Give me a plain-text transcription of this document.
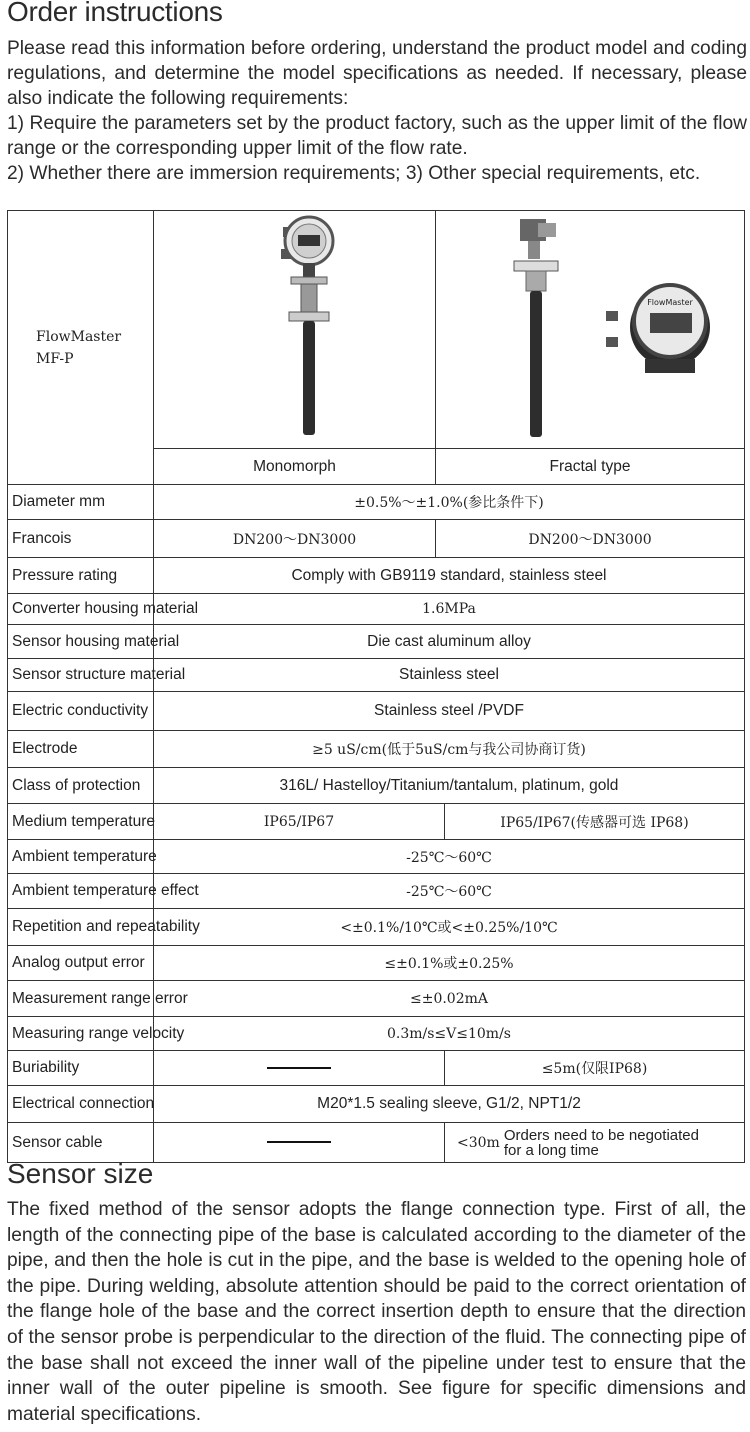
Order instructions

Please read this information before ordering, understand the product model and coding regulations, and determine the model specifications as needed. If necessary, please also indicate the following requirements:

1) Require the parameters set by the product factory, such as the upper limit of the flow range or the corresponding upper limit of the flow rate.

2) Whether there are immersion requirements; 3) Other special requirements, etc.

FlowMaster
MF-P		FlowMaster	

	Monomorph	Fractal type	
Diameter mm	±0.5%～±1.0%(参比条件下)		
Francois	DN200～DN3000	DN200～DN3000	
Pressure rating	Comply with GB9119 standard, stainless steel		
Converter housing material	1.6MPa		
Sensor housing material	Die cast aluminum alloy		
Sensor structure material	Stainless steel		
Electric conductivity	Stainless steel /PVDF		
Electrode	≥5 uS/cm(低于5uS/cm与我公司协商订货)		
Class of protection	316L/ Hastelloy/Titanium/tantalum, platinum, gold		
Medium temperature	IP65/IP67		IP65/IP67(传感器可选 IP68)
Ambient temperature	-25℃～60℃		
Ambient temperature effect	-25℃～60℃		
Repetition and repeatability	<±0.1%/10℃或<±0.25%/10℃		
Analog output error	≤±0.1%或±0.25%		
Measurement range error	≤±0.02mA		
Measuring range velocity	0.3m/s≤V≤10m/s		
Buriability			≤5m(仅限IP68)
Electrical connection	M20*1.5 sealing sleeve, G1/2, NPT1/2		
Sensor cable			<30m Orders need to be negotiated
for a long time
Sensor size

The fixed method of the sensor adopts the flange connection type. First of all, the length of the connecting pipe of the base is calculated according to the diameter of the pipe, and then the hole is cut in the pipe, and the base is welded to the opening hole of the pipe. During welding, absolute attention should be paid to the correct orientation of the flange hole of the base and the correct insertion depth to ensure that the direction of the sensor probe is perpendicular to the direction of the fluid. The connecting pipe of the base shall not exceed the inner wall of the pipeline under test to ensure that the inner wall of the outer pipeline is smooth. See figure for specific dimensions and material specifications.
